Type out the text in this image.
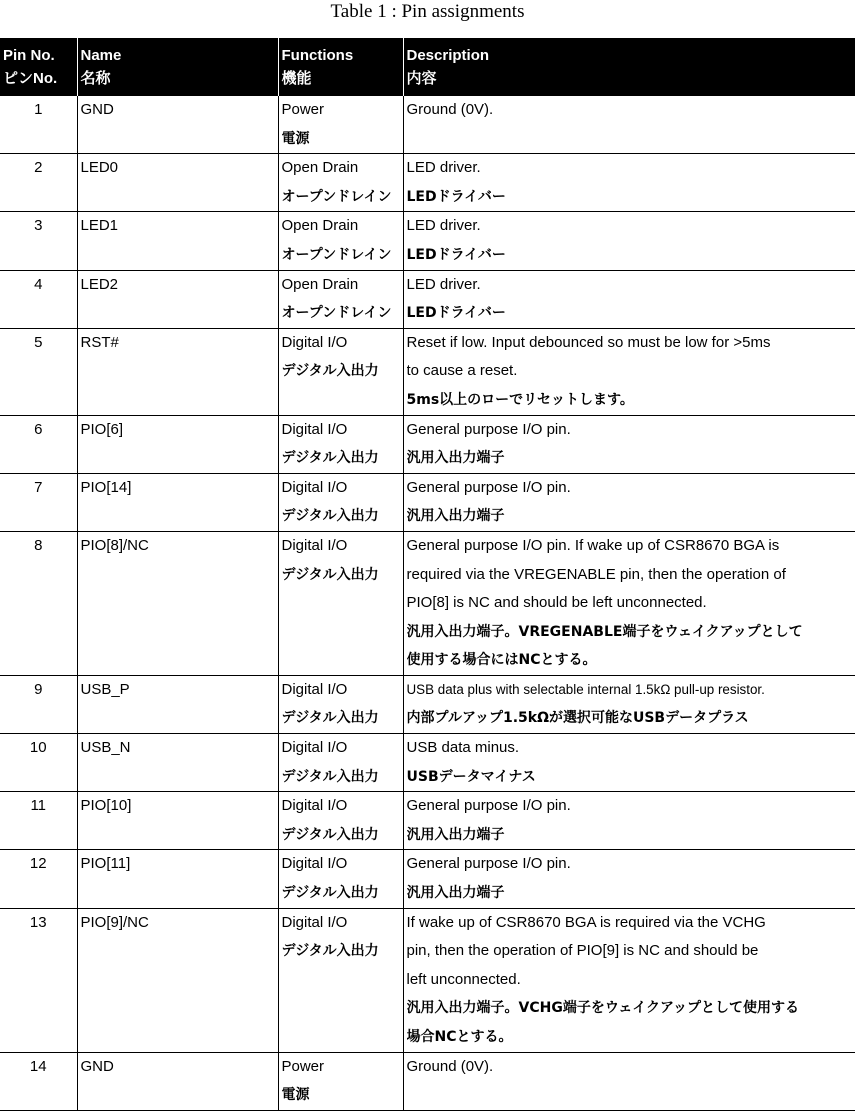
Table 1 : Pin assignments
Pin No.	Name	Functions	Description
ピンNo.	名称	機能	内容

1	GND	Power
電源	Ground (0V).

2	LED0	Open Drain
オープンドレイン	LED driver.
LEDドライバー

3	LED1	Open Drain
オープンドレイン	LED driver.
LEDドライバー

4	LED2	Open Drain
オープンドレイン	LED driver.
LEDドライバー

5	RST#	Digital I/O
デジタル入出力	Reset if low. Input debounced so must be low for >5ms
to cause a reset.
5ms以上のローでリセットします。

6	PIO[6]	Digital I/O
デジタル入出力	General purpose I/O pin.
汎用入出力端子

7	PIO[14]	Digital I/O
デジタル入出力	General purpose I/O pin.
汎用入出力端子

8	PIO[8]/NC	Digital I/O
デジタル入出力	General purpose I/O pin. If wake up of CSR8670 BGA is
required via the VREGENABLE pin, then the operation of
PIO[8] is NC and should be left unconnected.
汎用入出力端子。VREGENABLE端子をウェイクアップとして
使用する場合にはNCとする。

9	USB_P	Digital I/O
デジタル入出力	USB data plus with selectable internal 1.5kΩ pull-up resistor.
内部プルアップ1.5kΩが選択可能なUSBデータプラス

10	USB_N	Digital I/O
デジタル入出力	USB data minus.
USBデータマイナス

11	PIO[10]	Digital I/O
デジタル入出力	General purpose I/O pin.
汎用入出力端子

12	PIO[11]	Digital I/O
デジタル入出力	General purpose I/O pin.
汎用入出力端子

13	PIO[9]/NC	Digital I/O
デジタル入出力	If wake up of CSR8670 BGA is required via the VCHG
pin, then the operation of PIO[9] is NC and should be
left unconnected.
汎用入出力端子。VCHG端子をウェイクアップとして使用する
場合NCとする。

14	GND	Power
電源	Ground (0V).
